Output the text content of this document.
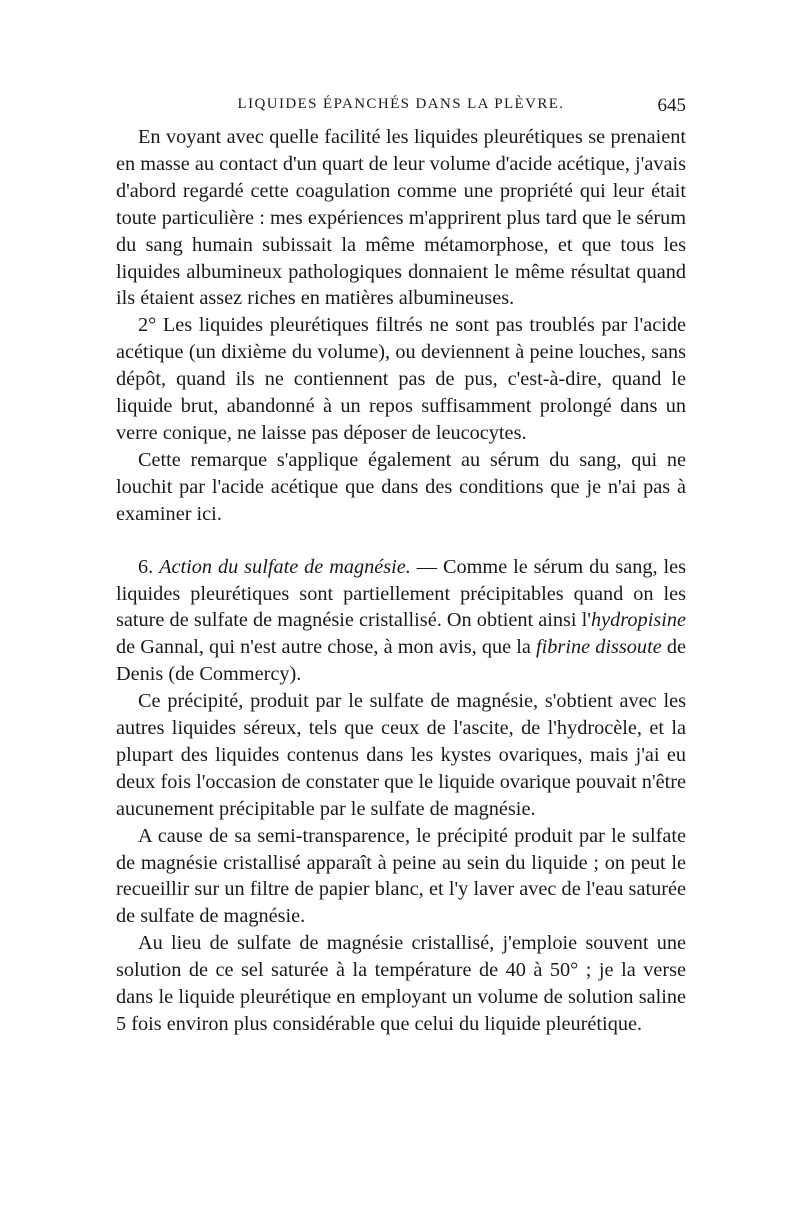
LIQUIDES ÉPANCHÉS DANS LA PLÈVRE.	645

En voyant avec quelle facilité les liquides pleurétiques se prenaient en masse au contact d'un quart de leur volume d'acide acétique, j'avais d'abord regardé cette coagulation comme une propriété qui leur était toute particulière : mes expériences m'apprirent plus tard que le sérum du sang humain subissait la même métamorphose, et que tous les liquides albumineux pathologiques donnaient le même résultat quand ils étaient assez riches en matières albumineuses.

2° Les liquides pleurétiques filtrés ne sont pas troublés par l'acide acétique (un dixième du volume), ou deviennent à peine louches, sans dépôt, quand ils ne contiennent pas de pus, c'est-à-dire, quand le liquide brut, abandonné à un repos suffisamment prolongé dans un verre conique, ne laisse pas déposer de leucocytes.

Cette remarque s'applique également au sérum du sang, qui ne louchit par l'acide acétique que dans des conditions que je n'ai pas à examiner ici.

6. Action du sulfate de magnésie. — Comme le sérum du sang, les liquides pleurétiques sont partiellement précipitables quand on les sature de sulfate de magnésie cristallisé. On obtient ainsi l'hydropisine de Gannal, qui n'est autre chose, à mon avis, que la fibrine dissoute de Denis (de Commercy).

Ce précipité, produit par le sulfate de magnésie, s'obtient avec les autres liquides séreux, tels que ceux de l'ascite, de l'hydrocèle, et la plupart des liquides contenus dans les kystes ovariques, mais j'ai eu deux fois l'occasion de constater que le liquide ovarique pouvait n'être aucunement précipitable par le sulfate de magnésie.

A cause de sa semi-transparence, le précipité produit par le sulfate de magnésie cristallisé apparaît à peine au sein du liquide ; on peut le recueillir sur un filtre de papier blanc, et l'y laver avec de l'eau saturée de sulfate de magnésie.

Au lieu de sulfate de magnésie cristallisé, j'emploie souvent une solution de ce sel saturée à la température de 40 à 50° ; je la verse dans le liquide pleurétique en employant un volume de solution saline 5 fois environ plus considérable que celui du liquide pleurétique.
